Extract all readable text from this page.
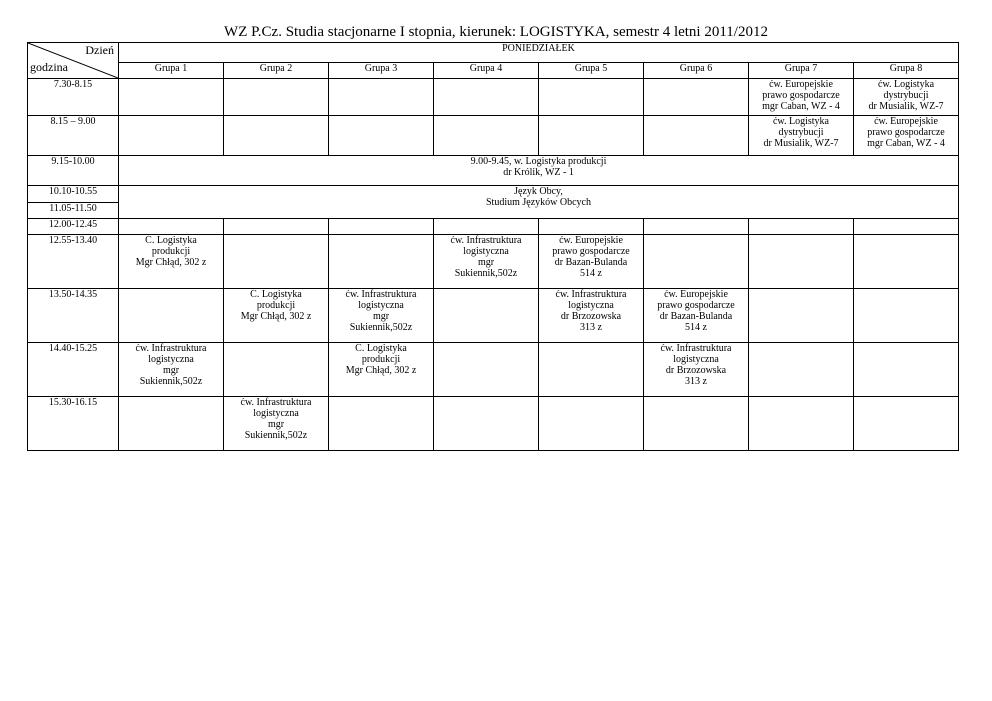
WZ P.Cz. Studia stacjonarne I stopnia, kierunek: LOGISTYKA, semestr 4 letni 2011/2012
Dzień
godzina	PONIEDZIAŁEK							
	Grupa 1	Grupa 2	Grupa 3	Grupa 4	Grupa 5	Grupa 6	Grupa 7	Grupa 8
7.30-8.15							ćw. Europejskie
prawo gospodarcze
mgr Caban, WZ - 4	ćw. Logistyka
dystrybucji
dr Musialik, WZ-7

8.15 – 9.00							ćw. Logistyka
dystrybucji
dr Musialik, WZ-7	ćw. Europejskie
prawo gospodarcze
mgr Caban, WZ - 4

9.15-10.00	9.00-9.45, w. Logistyka produkcji
dr Królik, WZ - 1							

10.10-10.55	Język Obcy,
Studium Języków Obcych							

11.05-11.50								
12.00-12.45								
12.55-13.40	Ć. Logistyka
produkcji
Mgr Chłąd, 302 z			ćw. Infrastruktura
logistyczna
mgr
Sukiennik,502z	ćw. Europejskie
prawo gospodarcze
dr Bazan-Bulanda
514 z			

13.50-14.35		Ć. Logistyka
produkcji
Mgr Chłąd, 302 z	ćw. Infrastruktura
logistyczna
mgr
Sukiennik,502z		ćw. Infrastruktura
logistyczna
dr Brzozowska
313 z	ćw. Europejskie
prawo gospodarcze
dr Bazan-Bulanda
514 z		

14.40-15.25	ćw. Infrastruktura
logistyczna
mgr
Sukiennik,502z		Ć. Logistyka
produkcji
Mgr Chłąd, 302 z			ćw. Infrastruktura
logistyczna
dr Brzozowska
313 z		

15.30-16.15		ćw. Infrastruktura
logistyczna
mgr
Sukiennik,502z						
